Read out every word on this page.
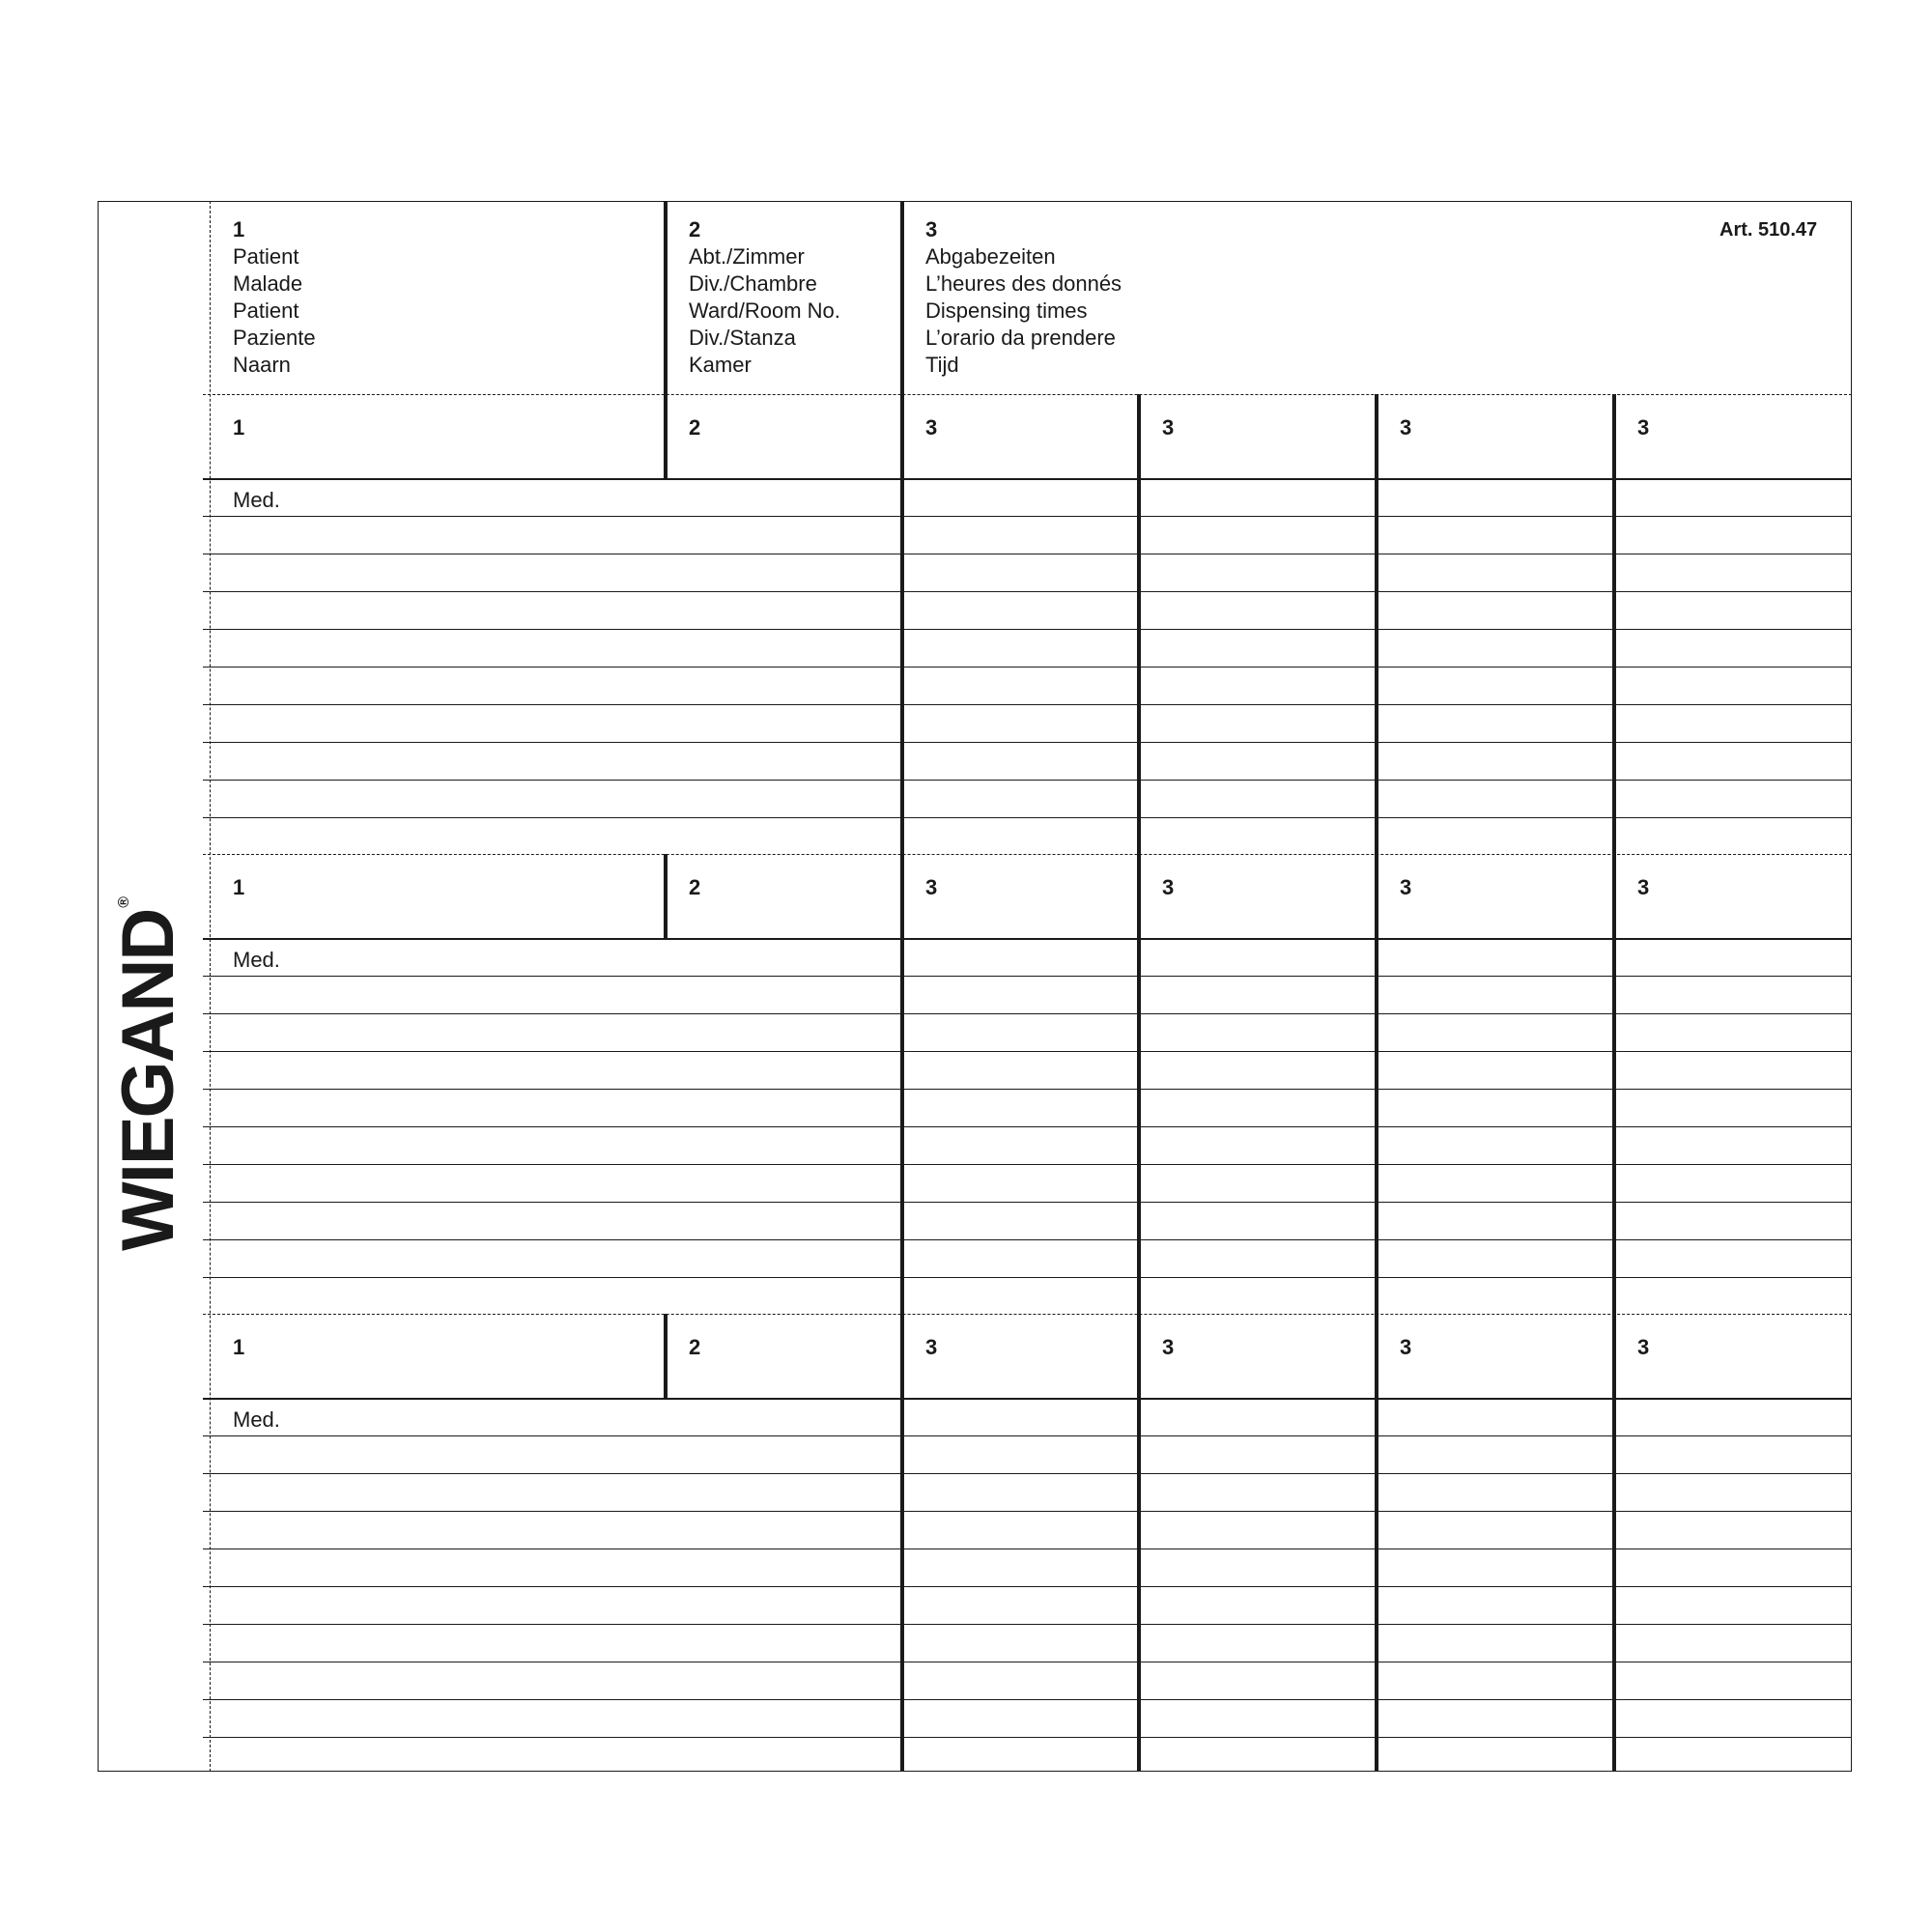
WIEGAND®
1
Patient
Malade
Patient
Paziente
Naarn
2
Abt./Zimmer
Div./Chambre
Ward/Room No.
Div./Stanza
Kamer
3
Abgabezeiten
L’heures des donnés
Dispensing times
L’orario da prendere
Tijd
Art. 510.47
1	2	3	3	3	3
Med.
1	2	3	3	3	3
Med.
1	2	3	3	3	3
Med.
